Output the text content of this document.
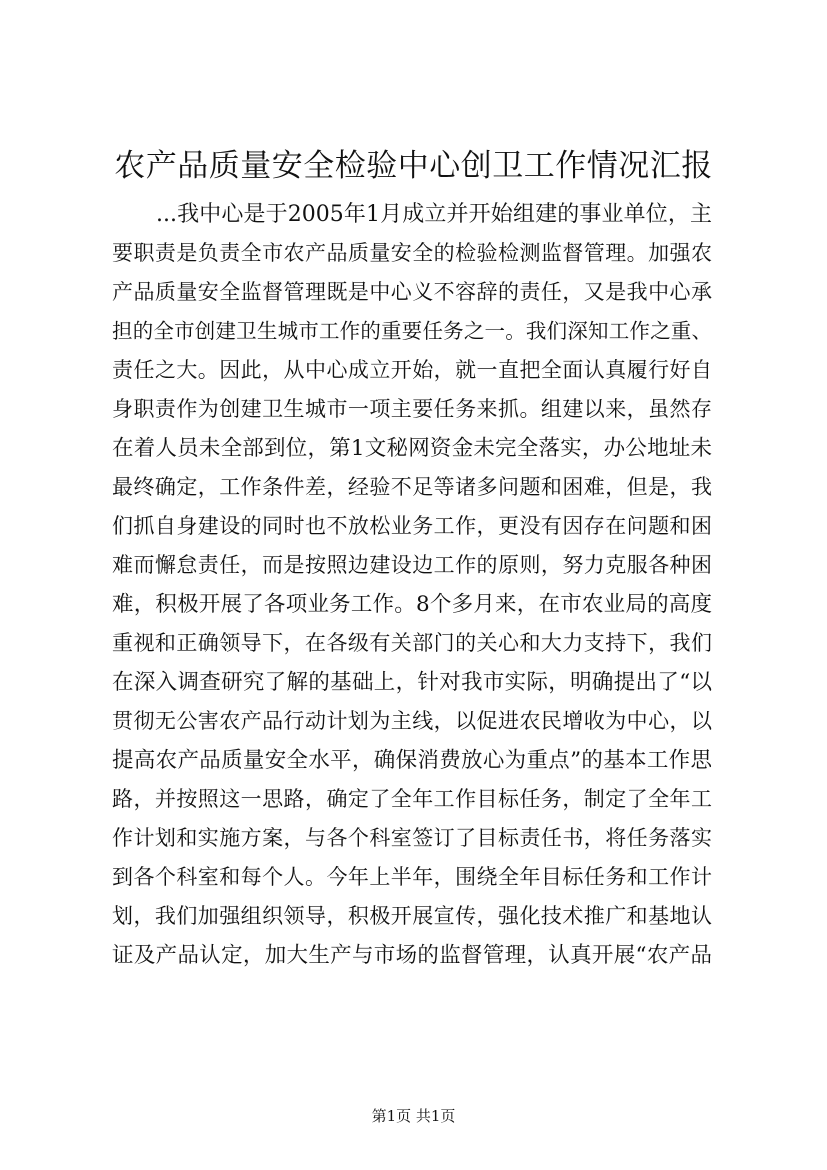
农产品质量安全检验中心创卫工作情况汇报
...我中心是于2005年1月成立并开始组建的事业单位，主
要职责是负责全市农产品质量安全的检验检测监督管理。加强农
产品质量安全监督管理既是中心义不容辞的责任，又是我中心承
担的全市创建卫生城市工作的重要任务之一。我们深知工作之重、
责任之大。因此，从中心成立开始，就一直把全面认真履行好自
身职责作为创建卫生城市一项主要任务来抓。组建以来，虽然存
在着人员未全部到位，第1文秘网资金未完全落实，办公地址未
最终确定，工作条件差，经验不足等诸多问题和困难，但是，我
们抓自身建设的同时也不放松业务工作，更没有因存在问题和困
难而懈怠责任，而是按照边建设边工作的原则，努力克服各种困
难，积极开展了各项业务工作。8个多月来，在市农业局的高度
重视和正确领导下，在各级有关部门的关心和大力支持下，我们
在深入调查研究了解的基础上，针对我市实际，明确提出了“以
贯彻无公害农产品行动计划为主线，以促进农民增收为中心，以
提高农产品质量安全水平，确保消费放心为重点”的基本工作思
路，并按照这一思路，确定了全年工作目标任务，制定了全年工
作计划和实施方案，与各个科室签订了目标责任书，将任务落实
到各个科室和每个人。今年上半年，围绕全年目标任务和工作计
划，我们加强组织领导，积极开展宣传，强化技术推广和基地认
证及产品认定，加大生产与市场的监督管理，认真开展“农产品
第1页 共1页
